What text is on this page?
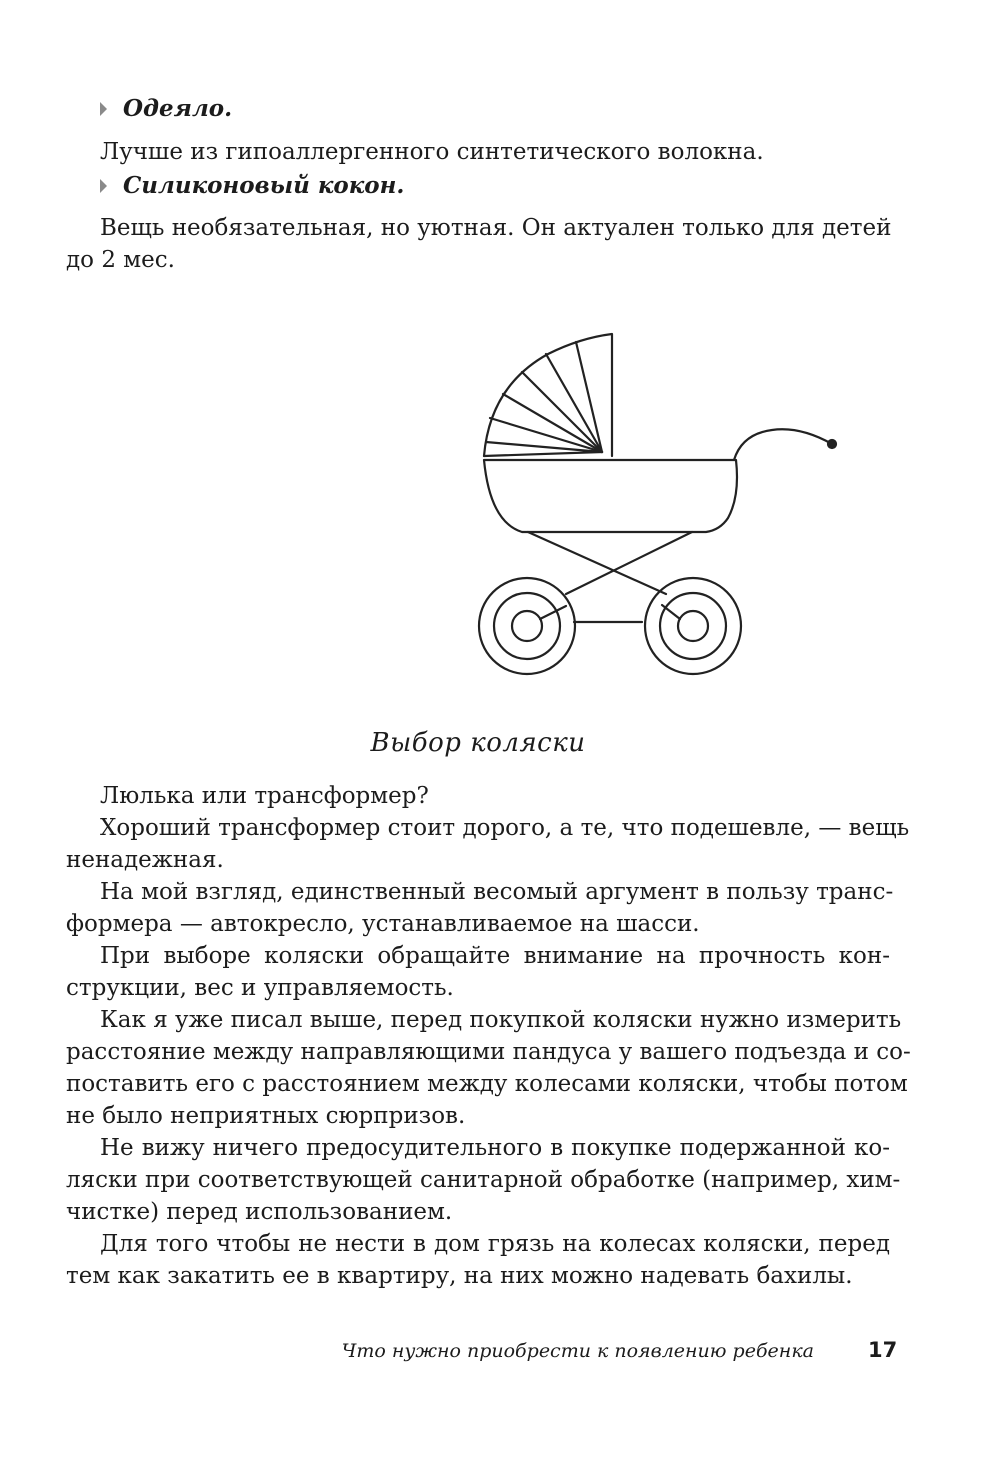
Одеяло.
Лучше из гипоаллергенного синтетического волокна.
Силиконовый кокон.
Вещь необязательная, но уютная. Он актуален только для детей
до 2 мес.
Выбор коляски
Люлька или трансформер?
Хороший трансформер стоит дорого, а те, что подешевле, — вещь
ненадежная.
На мой взгляд, единственный весомый аргумент в пользу транс-
формера — автокресло, устанавливаемое на шасси.
При выборе коляски обращайте внимание на прочность кон-
струкции, вес и управляемость.
Как я уже писал выше, перед покупкой коляски нужно измерить
расстояние между направляющими пандуса у вашего подъезда и со-
поставить его с расстоянием между колесами коляски, чтобы потом
не было неприятных сюрпризов.
Не вижу ничего предосудительного в покупке подержанной ко-
ляски при соответствующей санитарной обработке (например, хим-
чистке) перед использованием.
Для того чтобы не нести в дом грязь на колесах коляски, перед
тем как закатить ее в квартиру, на них можно надевать бахилы.
Что нужно приобрести к появлению ребенка	17
